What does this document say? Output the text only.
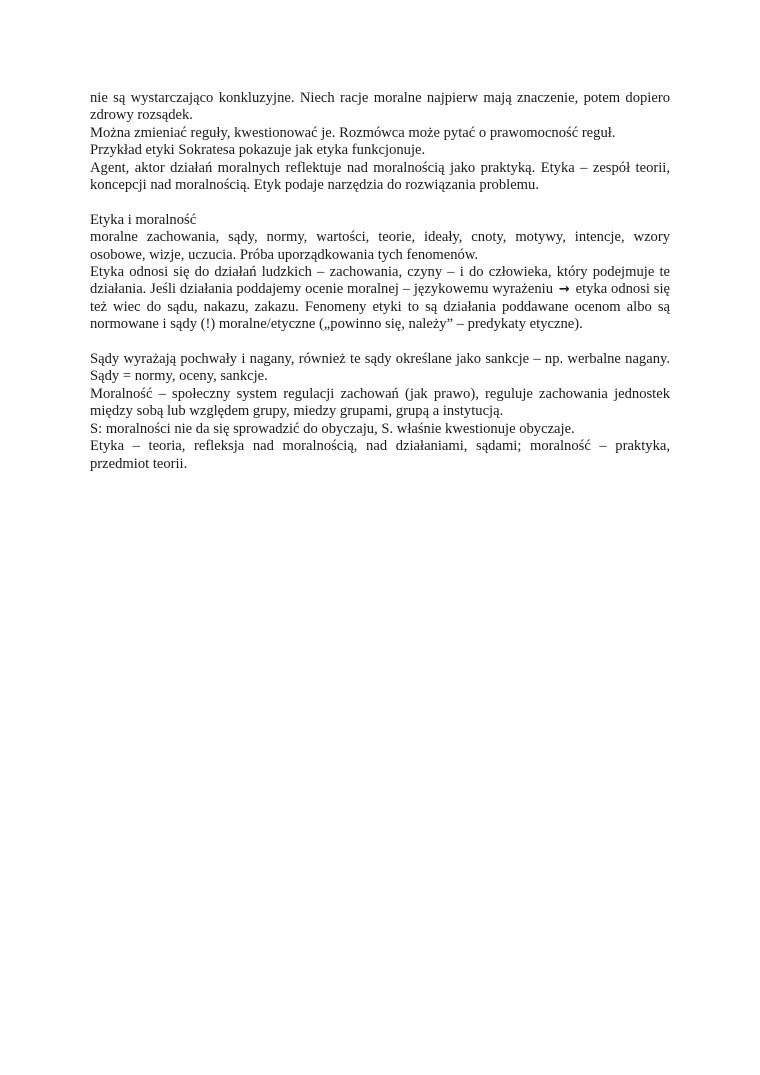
nie są wystarczająco konkluzyjne. Niech racje moralne najpierw mają znaczenie, potem dopiero zdrowy rozsądek.

Można zmieniać reguły, kwestionować je. Rozmówca może pytać o prawomocność reguł.

Przykład etyki Sokratesa pokazuje jak etyka funkcjonuje.

Agent, aktor działań moralnych reflektuje nad moralnością jako praktyką. Etyka – zespół teorii, koncepcji nad moralnością. Etyk podaje narzędzia do rozwiązania problemu.

Etyka i moralność

moralne zachowania, sądy, normy, wartości, teorie, ideały, cnoty, motywy, intencje, wzory osobowe, wizje, uczucia. Próba uporządkowania tych fenomenów.

Etyka odnosi się do działań ludzkich – zachowania, czyny – i do człowieka, który podejmuje te działania. Jeśli działania poddajemy ocenie moralnej – językowemu wyrażeniu → etyka odnosi się też wiec do sądu, nakazu, zakazu. Fenomeny etyki to są działania poddawane ocenom albo są normowane i sądy (!) moralne/etyczne („powinno się, należy” – predykaty etyczne).

Sądy wyrażają pochwały i nagany, również te sądy określane jako sankcje – np. werbalne nagany. Sądy = normy, oceny, sankcje.

Moralność – społeczny system regulacji zachowań (jak prawo), reguluje zachowania jednostek między sobą lub względem grupy, miedzy grupami, grupą a instytucją.

S: moralności nie da się sprowadzić do obyczaju, S. właśnie kwestionuje obyczaje.

Etyka – teoria, refleksja nad moralnością, nad działaniami, sądami; moralność – praktyka, przedmiot teorii.
